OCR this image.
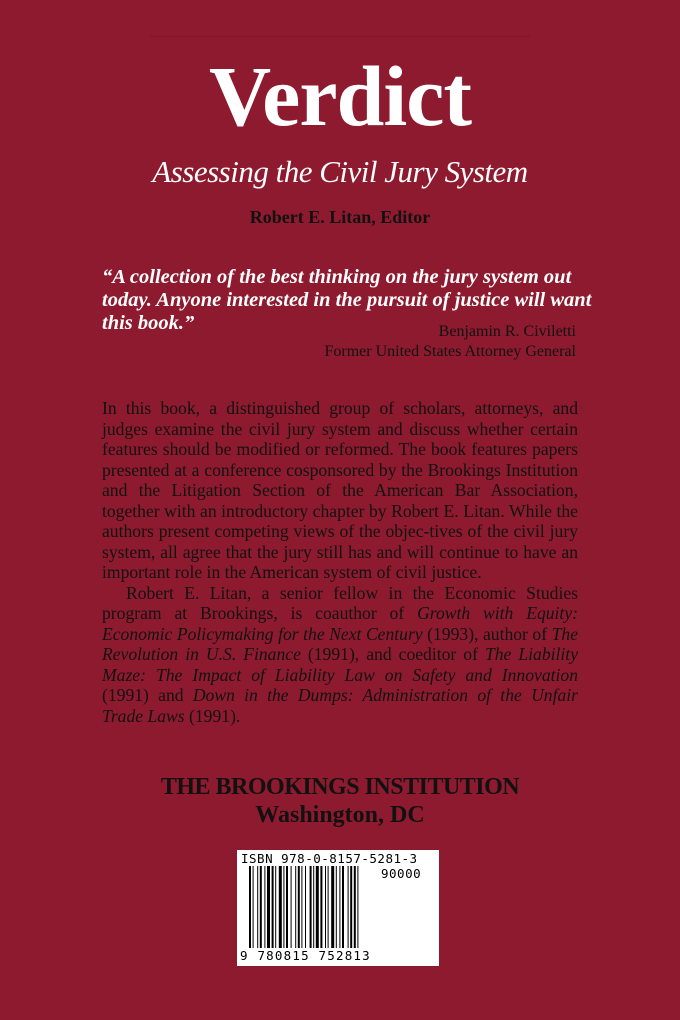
Verdict
Assessing the Civil Jury System
Robert E. Litan, Editor
“A collection of the best thinking on the jury system out today. Anyone interested in the pursuit of justice will want this book.”	Benjamin R. Civiletti
Former United States Attorney General

In this book, a distinguished group of scholars, attorneys, and judges examine the civil jury system and discuss whether certain features should be modified or reformed. The book features papers presented at a conference cosponsored by the Brookings Institution and the Litigation Section of the American Bar Association, together with an introductory chapter by Robert E. Litan. While the authors present competing views of the objec-tives of the civil jury system, all agree that the jury still has and will continue to have an important role in the American system of civil justice.

Robert E. Litan, a senior fellow in the Economic Studies program at Brookings, is coauthor of Growth with Equity: Economic Policymaking for the Next Century (1993), author of The Revolution in U.S. Finance (1991), and coeditor of The Liability Maze: The Impact of Liability Law on Safety and Innovation (1991) and Down in the Dumps: Administration of the Unfair Trade Laws (1991).

THE BROOKINGS INSTITUTION
Washington, DC
ISBN 978-0-8157-5281-3
90000
9 780815 752813
